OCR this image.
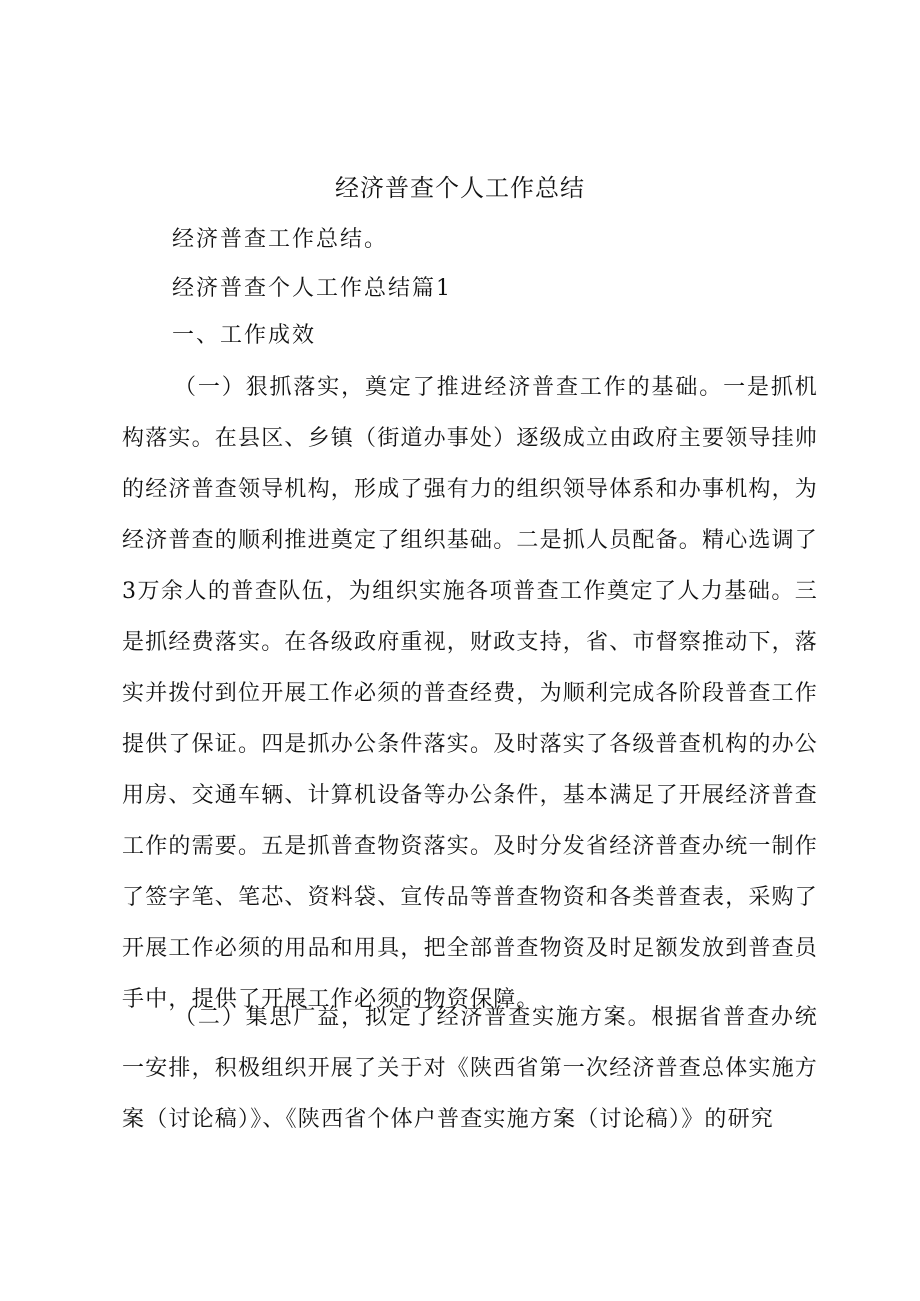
经济普查个人工作总结
经济普查工作总结。
经济普查个人工作总结篇1
一、工作成效

（一）狠抓落实，奠定了推进经济普查工作的基础。一是抓机构落实。在县区、乡镇（街道办事处）逐级成立由政府主要领导挂帅的经济普查领导机构，形成了强有力的组织领导体系和办事机构，为经济普查的顺利推进奠定了组织基础。二是抓人员配备。精心选调了3万余人的普查队伍，为组织实施各项普查工作奠定了人力基础。三是抓经费落实。在各级政府重视，财政支持，省、市督察推动下，落实并拨付到位开展工作必须的普查经费，为顺利完成各阶段普查工作提供了保证。四是抓办公条件落实。及时落实了各级普查机构的办公用房、交通车辆、计算机设备等办公条件，基本满足了开展经济普查工作的需要。五是抓普查物资落实。及时分发省经济普查办统一制作了签字笔、笔芯、资料袋、宣传品等普查物资和各类普查表，采购了开展工作必须的用品和用具，把全部普查物资及时足额发放到普查员手中，提供了开展工作必须的物资保障。

（二）集思广益，拟定了经济普查实施方案。根据省普查办统一安排，积极组织开展了关于对《陕西省第一次经济普查总体实施方案（讨论稿）》、《陕西省个体户普查实施方案（讨论稿）》的研究
